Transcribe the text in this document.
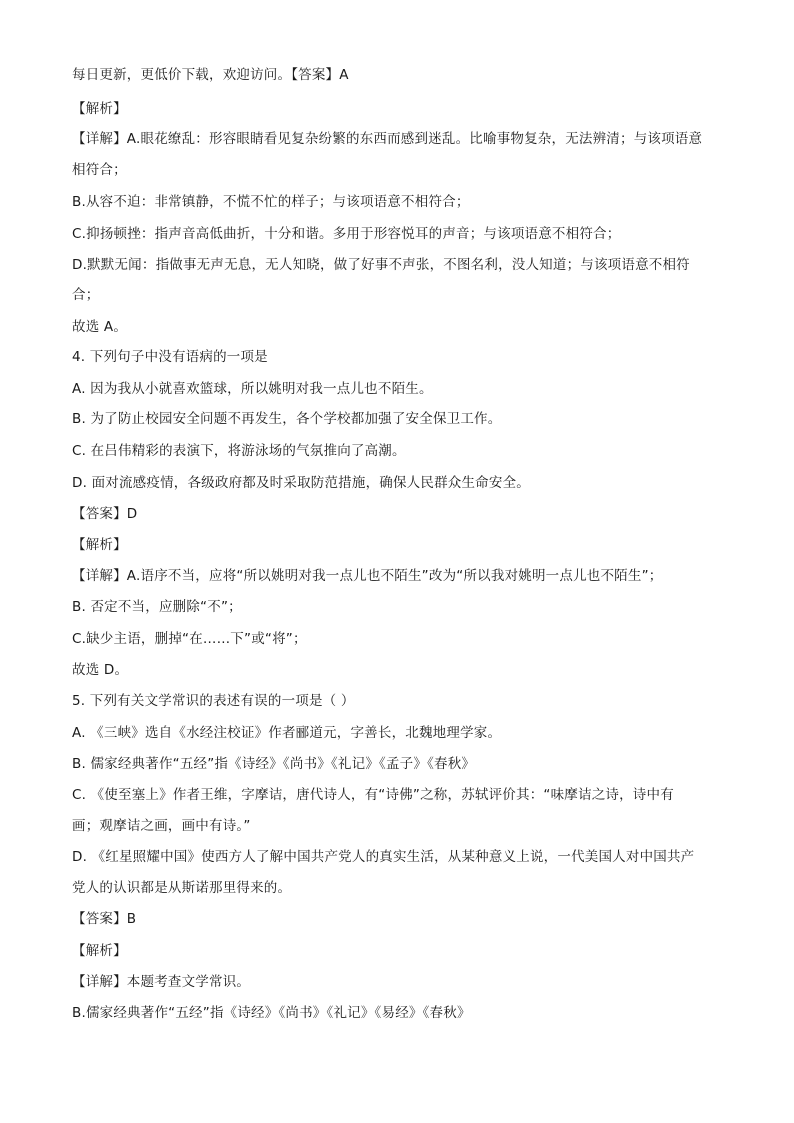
每日更新，更低价下载，欢迎访问。【答案】A
【解析】
【详解】A.眼花缭乱：形容眼睛看见复杂纷繁的东西而感到迷乱。比喻事物复杂，无法辨清；与该项语意
相符合；
B.从容不迫：非常镇静，不慌不忙的样子；与该项语意不相符合；
C.抑扬顿挫：指声音高低曲折，十分和谐。多用于形容悦耳的声音；与该项语意不相符合；
D.默默无闻：指做事无声无息，无人知晓，做了好事不声张，不图名利，没人知道；与该项语意不相符
合；
故选 A。
4. 下列句子中没有语病的一项是
A. 因为我从小就喜欢篮球，所以姚明对我一点儿也不陌生。
B. 为了防止校园安全问题不再发生，各个学校都加强了安全保卫工作。
C. 在吕伟精彩的表演下，将游泳场的气氛推向了高潮。
D. 面对流感疫情，各级政府都及时采取防范措施，确保人民群众生命安全。
【答案】D
【解析】
【详解】A.语序不当，应将“所以姚明对我一点儿也不陌生”改为“所以我对姚明一点儿也不陌生”；
B. 否定不当，应删除“不”；
C.缺少主语，删掉“在……下”或“将”；
故选 D。
5. 下列有关文学常识的表述有误的一项是（ ）
A. 《三峡》选自《水经注校证》作者郦道元，字善长，北魏地理学家。
B. 儒家经典著作“五经”指《诗经》《尚书》《礼记》《孟子》《春秋》
C. 《使至塞上》作者王维，字摩诘，唐代诗人，有“诗佛”之称，苏轼评价其：“味摩诘之诗，诗中有
画；观摩诘之画，画中有诗。”
D. 《红星照耀中国》使西方人了解中国共产党人的真实生活，从某种意义上说，一代美国人对中国共产
党人的认识都是从斯诺那里得来的。
【答案】B
【解析】
【详解】本题考查文学常识。
B.儒家经典著作“五经”指《诗经》《尚书》《礼记》《易经》《春秋》
